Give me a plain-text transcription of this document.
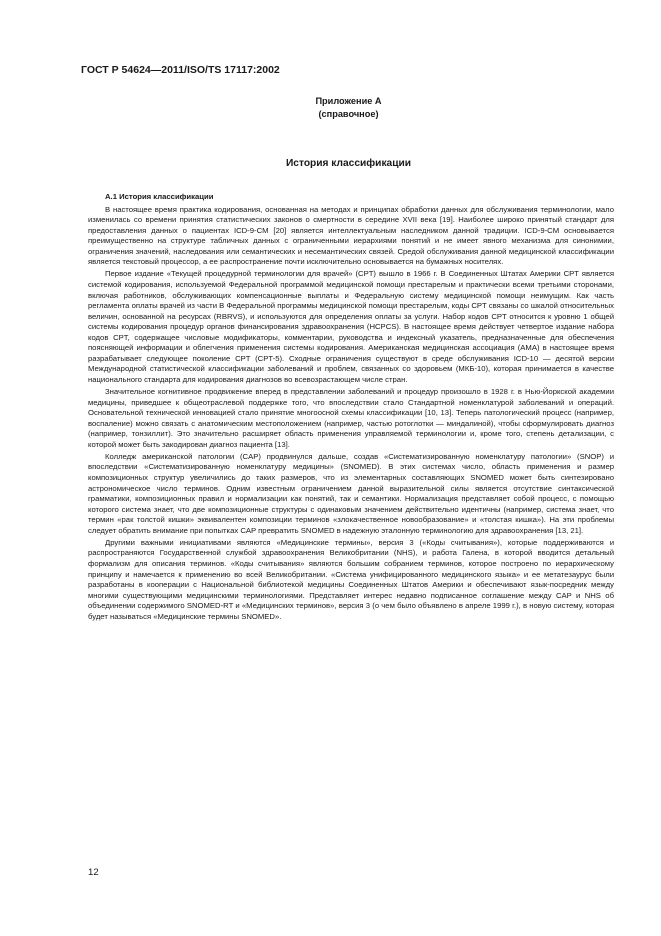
ГОСТ Р 54624—2011/ISO/TS 17117:2002
Приложение А
(справочное)
История классификации
А.1 История классификации

В настоящее время практика кодирования, основанная на методах и принципах обработки данных для обслуживания терминологии, мало изменилась со времени принятия статистических законов о смертности в середине XVII века [19]. Наиболее широко принятый стандарт для предоставления данных о пациентах ICD-9-CM [20] является интеллектуальным наследником данной традиции. ICD-9-CM основывается преимущественно на структуре табличных данных с ограниченными иерархиями понятий и не имеет явного механизма для синонимии, ограничения значений, наследования или семантических и несемантических связей. Средой обслуживания данной медицинской классификации является текстовый процессор, а ее распространение почти исключительно основывается на бумажных носителях.

Первое издание «Текущей процедурной терминологии для врачей» (CPT) вышло в 1966 г. В Соединенных Штатах Америки CPT является системой кодирования, используемой Федеральной программой медицинской помощи престарелым и практически всеми третьими сторонами, включая работников, обслуживающих компенсационные выплаты и Федеральную систему медицинской помощи неимущим. Как часть регламента оплаты врачей из части В Федеральной программы медицинской помощи престарелым, коды CPT связаны со шкалой относительных величин, основанной на ресурсах (RBRVS), и используются для определения оплаты за услуги. Набор кодов CPT относится к уровню 1 общей системы кодирования процедур органов финансирования здравоохранения (HCPCS). В настоящее время действует четвертое издание набора кодов CPT, содержащее числовые модификаторы, комментарии, руководства и индексный указатель, предназначенные для обеспечения поясняющей информации и облегчения применения системы кодирования. Американская медицинская ассоциация (AMA) в настоящее время разрабатывает следующее поколение CPT (CPT-5). Сходные ограничения существуют в среде обслуживания ICD-10 — десятой версии Международной статистической классификации заболеваний и проблем, связанных со здоровьем (МКБ-10), которая принимается в качестве национального стандарта для кодирования диагнозов во всевозрастающем числе стран.

Значительное когнитивное продвижение вперед в представлении заболеваний и процедур произошло в 1928 г. в Нью-Йоркской академии медицины, приведшее к общеотраслевой поддержке того, что впоследствии стало Стандартной номенклатурой заболеваний и операций. Основательной технической инновацией стало принятие многоосной схемы классификации [10, 13]. Теперь патологический процесс (например, воспаление) можно связать с анатомическим местоположением (например, частью ротоглотки — миндалиной), чтобы сформулировать диагноз (например, тонзиллит). Это значительно расширяет область применения управляемой терминологии и, кроме того, степень детализации, с которой может быть закодирован диагноз пациента [13].

Колледж американской патологии (CAP) продвинулся дальше, создав «Систематизированную номенклатуру патологии» (SNOP) и впоследствии «Систематизированную номенклатуру медицины» (SNOMED). В этих системах число, область применения и размер композиционных структур увеличились до таких размеров, что из элементарных составляющих SNOMED может быть синтезировано астрономическое число терминов. Одним известным ограничением данной выразительной силы является отсутствие синтаксической грамматики, композиционных правил и нормализации как понятий, так и семантики. Нормализация представляет собой процесс, с помощью которого система знает, что две композиционные структуры с одинаковым значением действительно идентичны (например, система знает, что термин «рак толстой кишки» эквивалентен композиции терминов «злокачественное новообразование» и «толстая кишка»). На эти проблемы следует обратить внимание при попытках CAP превратить SNOMED в надежную эталонную терминологию для здравоохранения [13, 21].

Другими важными инициативами являются «Медицинские термины», версия 3 («Коды считывания»), которые поддерживаются и распространяются Государственной службой здравоохранения Великобритании (NHS), и работа Галена, в которой вводится детальный формализм для описания терминов. «Коды считывания» являются большим собранием терминов, которое построено по иерархическому принципу и намечается к применению во всей Великобритании. «Система унифицированного медицинского языка» и ее метатезаурус были разработаны в кооперации с Национальной библиотекой медицины Соединенных Штатов Америки и обеспечивают язык-посредник между многими существующими медицинскими терминологиями. Представляет интерес недавно подписанное соглашение между CAP и NHS об объединении содержимого SNOMED-RT и «Медицинских терминов», версия 3 (о чем было объявлено в апреле 1999 г.), в новую систему, которая будет называться «Медицинские термины SNOMED».

12
